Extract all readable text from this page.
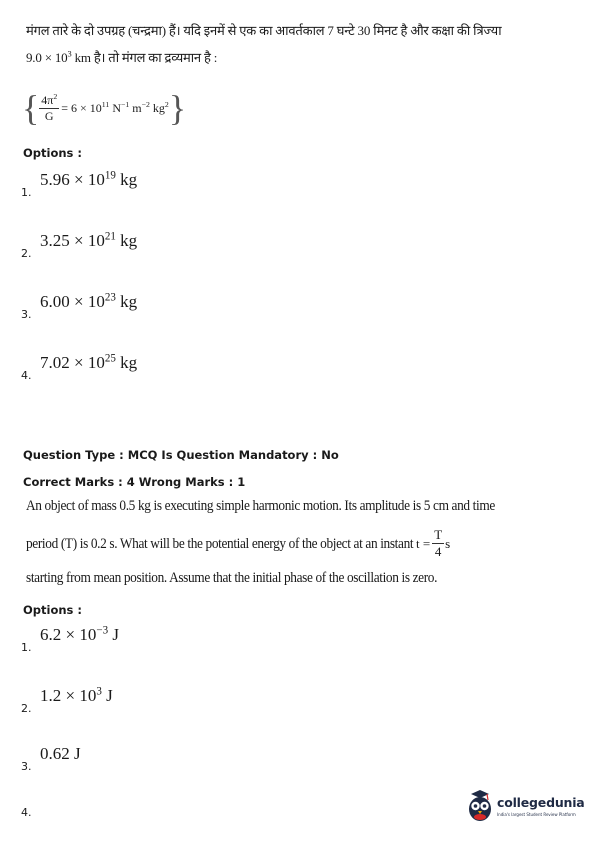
मंगल तारे के दो उपग्रह (चन्द्रमा) हैं। यदि इनमें से एक का आवर्तकाल 7 घन्टे 30 मिनट है और कक्षा की त्रिज्या
$9.0 \times 10^3$ km है। तो मंगल का द्रव्यमान है :
{ $\frac{4\pi^2}{G} = 6 \times 10^{11}$ $N^{-1}$ $m^{-2}$ $kg^2$ }
Options :
1.
$5.96 \times 10^{19}$ kg
2.
$3.25 \times 10^{21}$ kg
3.
$6.00 \times 10^{23}$ kg
4.
$7.02 \times 10^{25}$ kg
Question Type : MCQ Is Question Mandatory : No
Correct Marks : 4 Wrong Marks : 1
An object of mass 0.5 kg is executing simple harmonic motion. Its amplitude is 5 cm and time
period (T) is 0.2 s. What will be the potential energy of the object at an instant $t = \frac{T}{4}$ s
starting from mean position. Assume that the initial phase of the oscillation is zero.
Options :
1.
$6.2 \times 10^{-3}$ J
2.
$1.2 \times 10^3$ J
3.
0.62 J
4.
collegedunia
India's largest Student Review Platform
